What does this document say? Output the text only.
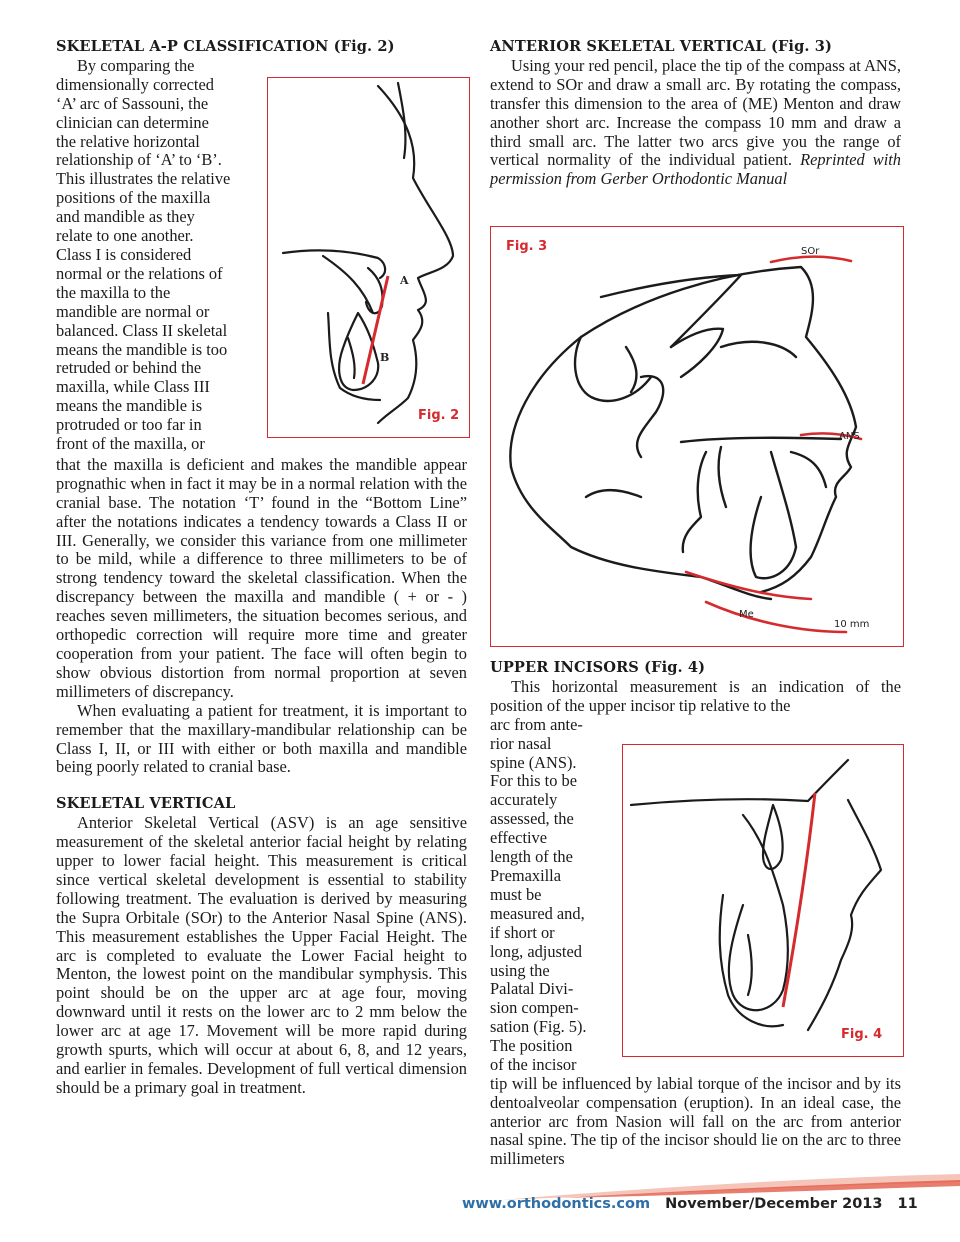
SKELETAL A-P CLASSIFICATION (Fig. 2)
By comparing the
dimensionally corrected
‘A’ arc of Sassouni, the
clinician can determine
the relative horizontal
relationship of ‘A’ to ‘B’.
This illustrates the relative
positions of the maxilla
and mandible as they
relate to one another.
Class I is considered
normal or the relations of
the maxilla to the
mandible are normal or
balanced. Class II skeletal
means the mandible is too
retruded or behind the
maxilla, while Class III
means the mandible is
protruded or too far in
front of the maxilla, or

that the maxilla is deficient and makes the mandible appear prognathic when in fact it may be in a normal relation with the cranial base. The notation ‘T’ found in the “Bottom Line” after the notations indicates a tendency towards a Class II or III. Generally, we consider this variance from one millimeter to be mild, while a difference to three millimeters to be of strong tendency toward the skeletal classification. When the discrepancy between the maxilla and mandible ( + or - ) reaches seven millimeters, the situation becomes serious, and orthopedic correction will require more time and greater cooperation from your patient. The face will often begin to show obvious distortion from normal proportion at seven millimeters of discrepancy.

When evaluating a patient for treatment, it is important to remember that the maxillary-mandibular relationship can be Class I, II, or III with either or both maxilla and mandible being poorly related to cranial base.

SKELETAL VERTICAL

Anterior Skeletal Vertical (ASV) is an age sensitive measurement of the skeletal anterior facial height by relating upper to lower facial height. This measurement is critical since vertical skeletal development is essential to stability following treatment. The evaluation is derived by measuring the Supra Orbitale (SOr) to the Anterior Nasal Spine (ANS). This measurement establishes the Upper Facial Height. The arc is completed to evaluate the Lower Facial height to Menton, the lowest point on the mandibular symphysis. This point should be on the upper arc at age four, moving downward until it rests on the lower arc to 2 mm below the lower arc at age 17. Movement will be more rapid during growth spurts, which will occur at about 6, 8, and 12 years, and earlier in females. Development of full vertical dimension should be a primary goal in treatment.

A
B
Fig. 2
ANTERIOR SKELETAL VERTICAL (Fig. 3)

Using your red pencil, place the tip of the compass at ANS, extend to SOr and draw a small arc. By rotating the compass, transfer this dimension to the area of (ME) Menton and draw another short arc. Increase the compass 10 mm and draw a third small arc. The latter two arcs give you the range of vertical normality of the individual patient. Reprinted with permission from Gerber Orthodontic Manual

SOr
ANS
Me
10 mm
Fig. 3
UPPER INCISORS (Fig. 4)

This horizontal measurement is an indication of the position of the upper incisor tip relative to the

arc from ante-
rior nasal
spine (ANS).
For this to be
accurately
assessed, the
effective
length of the
Premaxilla
must be
measured and,
if short or
long, adjusted
using the
Palatal Divi-
sion compen-
sation (Fig. 5).
The position
of the incisor

tip will be influenced by labial torque of the incisor and by its dentoalveolar compensation (eruption). In an ideal case, the anterior arc from Nasion will fall on the arc from anterior nasal spine. The tip of the incisor should lie on the arc to three millimeters

Fig. 4
www.orthodontics.com November/December 2013 11
